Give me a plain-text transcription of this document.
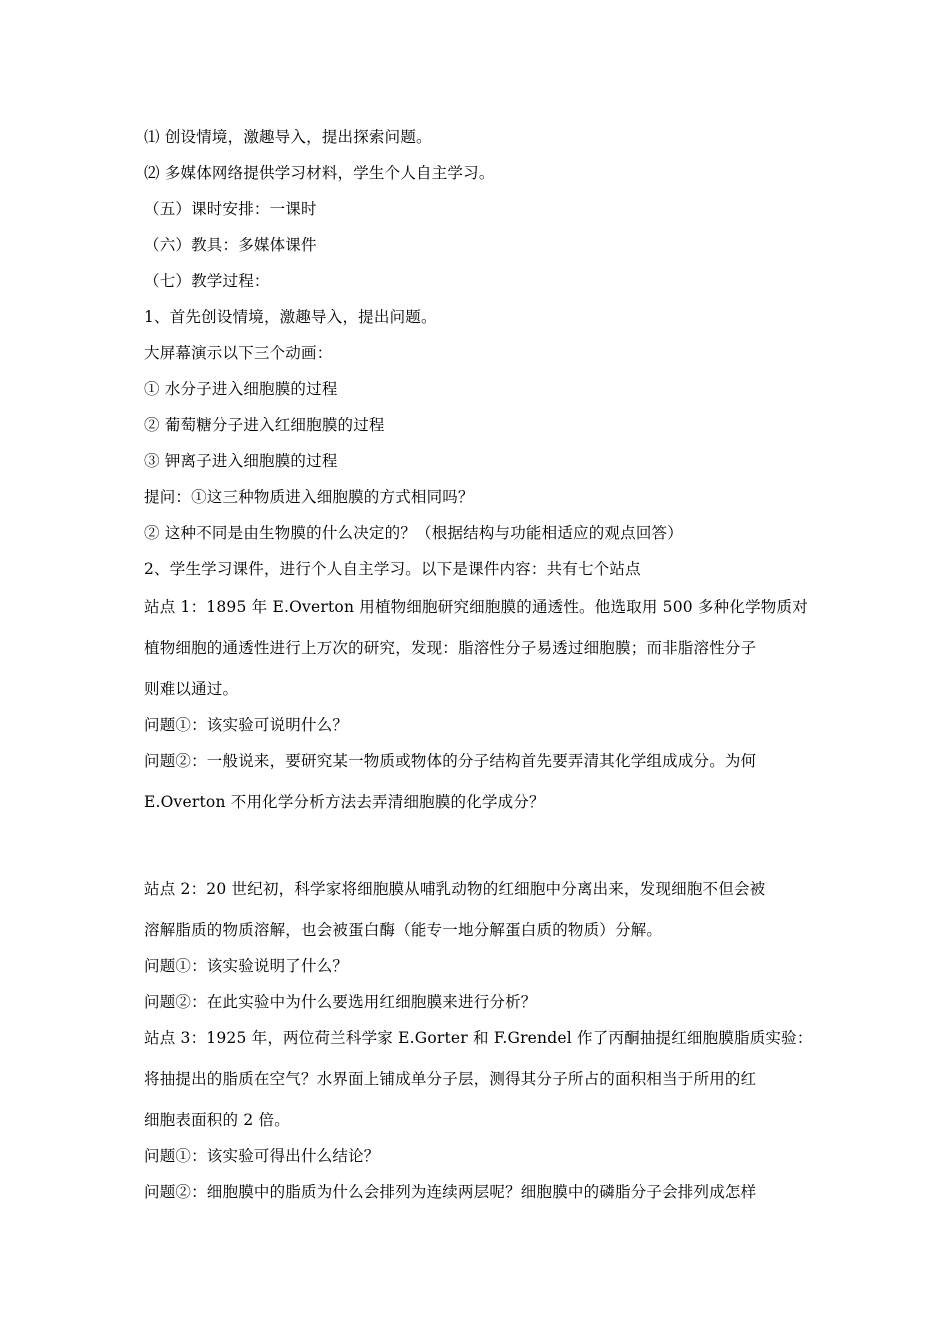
⑴ 创设情境，激趣导入，提出探索问题。
⑵ 多媒体网络提供学习材料，学生个人自主学习。
（五）课时安排：一课时
（六）教具：多媒体课件
（七）教学过程：
1、首先创设情境，激趣导入，提出问题。
大屏幕演示以下三个动画：
① 水分子进入细胞膜的过程
② 葡萄糖分子进入红细胞膜的过程
③ 钾离子进入细胞膜的过程
提问：①这三种物质进入细胞膜的方式相同吗？
② 这种不同是由生物膜的什么决定的？（根据结构与功能相适应的观点回答）
2、学生学习课件，进行个人自主学习。以下是课件内容：共有七个站点
站点 1：1895 年 E.Overton 用植物细胞研究细胞膜的通透性。他选取用 500 多种化学物质对
植物细胞的通透性进行上万次的研究，发现：脂溶性分子易透过细胞膜；而非脂溶性分子
则难以通过。
问题①：该实验可说明什么？
问题②：一般说来，要研究某一物质或物体的分子结构首先要弄清其化学组成成分。为何
E.Overton 不用化学分析方法去弄清细胞膜的化学成分？
站点 2：20 世纪初，科学家将细胞膜从哺乳动物的红细胞中分离出来，发现细胞不但会被
溶解脂质的物质溶解，也会被蛋白酶（能专一地分解蛋白质的物质）分解。
问题①：该实验说明了什么？
问题②：在此实验中为什么要选用红细胞膜来进行分析？
站点 3：1925 年，两位荷兰科学家 E.Gorter 和 F.Grendel 作了丙酮抽提红细胞膜脂质实验：
将抽提出的脂质在空气？水界面上铺成单分子层，测得其分子所占的面积相当于所用的红
细胞表面积的 2 倍。
问题①：该实验可得出什么结论？
问题②：细胞膜中的脂质为什么会排列为连续两层呢？细胞膜中的磷脂分子会排列成怎样
